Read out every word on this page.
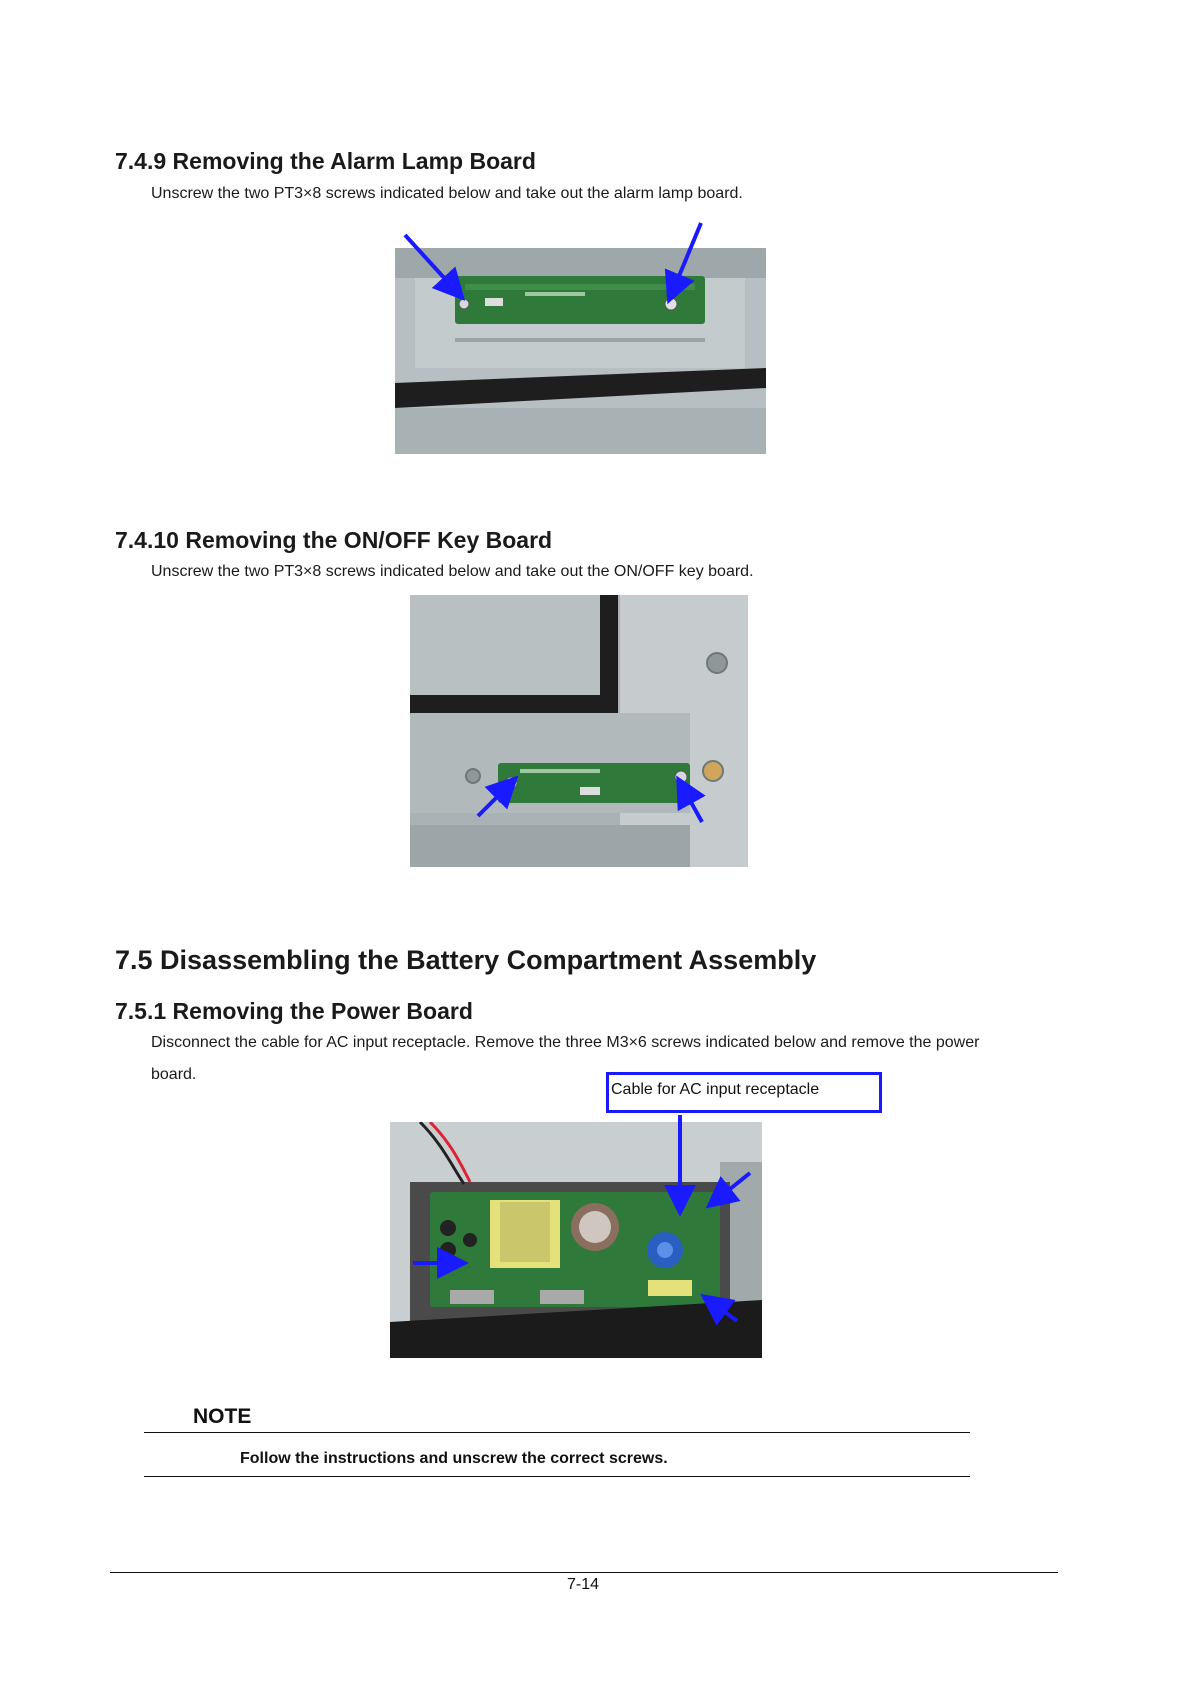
7.4.9 Removing the Alarm Lamp Board
Unscrew the two PT3×8 screws indicated below and take out the alarm lamp board.
7.4.10 Removing the ON/OFF Key Board
Unscrew the two PT3×8 screws indicated below and take out the ON/OFF key board.
7.5 Disassembling the Battery Compartment Assembly
7.5.1 Removing the Power Board
Disconnect the cable for AC input receptacle. Remove the three M3×6 screws indicated below and remove the power
board.
Cable for AC input receptacle
NOTE
Follow the instructions and unscrew the correct screws.
7-14
